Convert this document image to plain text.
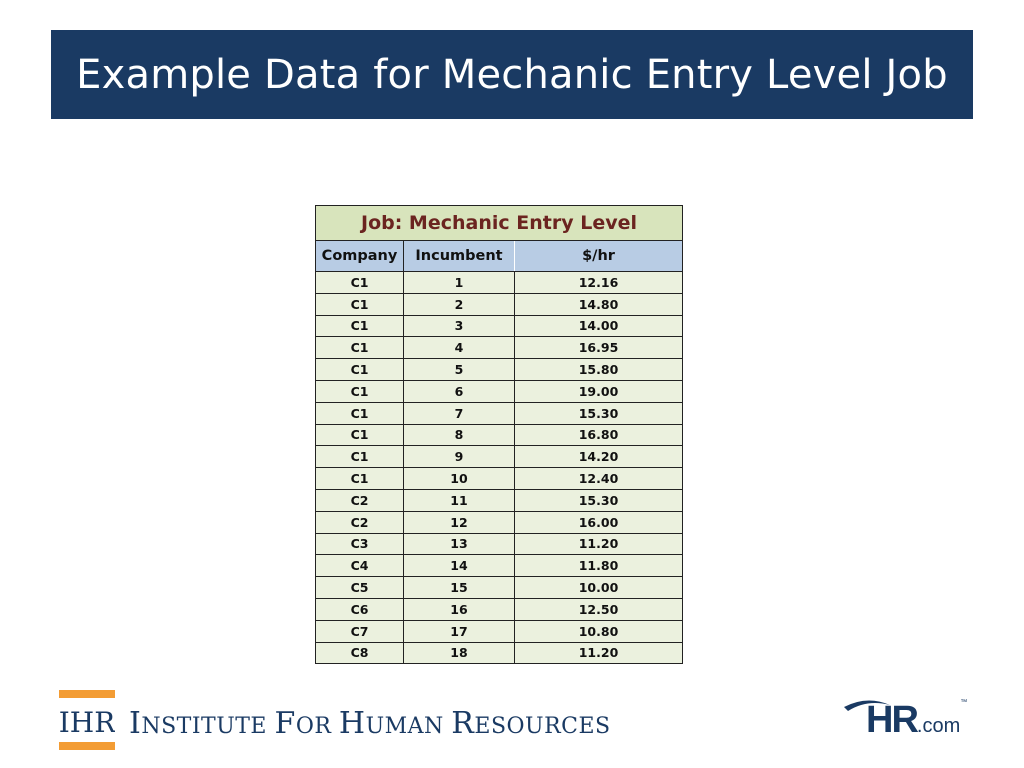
Example Data for Mechanic Entry Level Job
Job: Mechanic Entry Level		
Company	Incumbent	$/hr
C1	1	12.16
C1	2	14.80
C1	3	14.00
C1	4	16.95
C1	5	15.80
C1	6	19.00
C1	7	15.30
C1	8	16.80
C1	9	14.20
C1	10	12.40
C2	11	15.30
C2	12	16.00
C3	13	11.20
C4	14	11.80
C5	15	10.00
C6	16	12.50
C7	17	10.80
C8	18	11.20
IHR INSTITUTE FOR HUMAN RESOURCES	HR.com™
